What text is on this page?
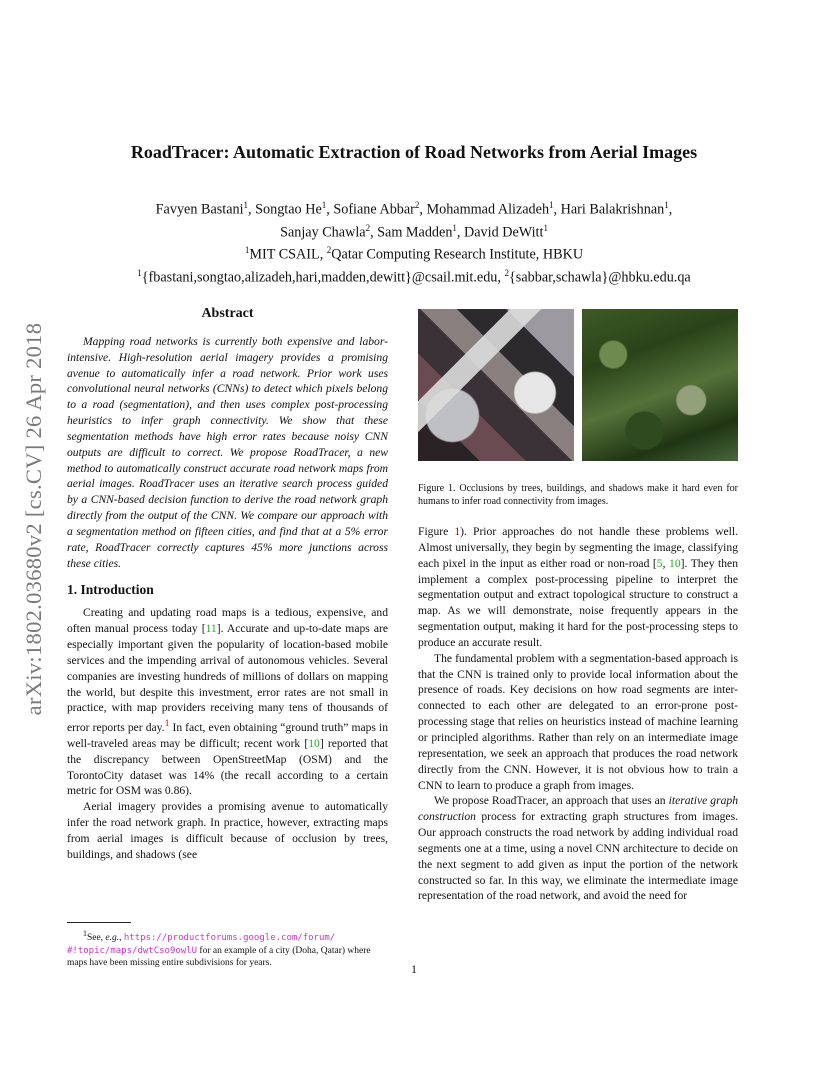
arXiv:1802.03680v2 [cs.CV] 26 Apr 2018
RoadTracer: Automatic Extraction of Road Networks from Aerial Images
Favyen Bastani$^1$, Songtao He$^1$, Sofiane Abbar$^2$, Mohammad Alizadeh$^1$, Hari Balakrishnan$^1$,
Sanjay Chawla$^2$, Sam Madden$^1$, David DeWitt$^1$
$^1$MIT CSAIL, $^2$Qatar Computing Research Institute, HBKU
$^1${fbastani,songtao,alizadeh,hari,madden,dewitt}@csail.mit.edu, $^2${sabbar,schawla}@hbku.edu.qa

Abstract

Mapping road networks is currently both expensive and labor-intensive. High-resolution aerial imagery provides a promising avenue to automatically infer a road network. Prior work uses convolutional neural networks (CNNs) to detect which pixels belong to a road (segmentation), and then uses complex post-processing heuristics to infer graph connectivity. We show that these segmentation methods have high error rates because noisy CNN outputs are difficult to correct. We propose RoadTracer, a new method to automatically construct accurate road network maps from aerial images. RoadTracer uses an iterative search process guided by a CNN-based decision function to derive the road network graph directly from the output of the CNN. We compare our approach with a segmentation method on fifteen cities, and find that at a 5% error rate, RoadTracer correctly captures 45% more junctions across these cities.

1. Introduction

Creating and updating road maps is a tedious, expensive, and often manual process today [11]. Accurate and up-to-date maps are especially important given the popularity of location-based mobile services and the impending arrival of autonomous vehicles. Several companies are investing hundreds of millions of dollars on mapping the world, but despite this investment, error rates are not small in practice, with map providers receiving many tens of thousands of error reports per day.$^1$ In fact, even obtaining “ground truth” maps in well-traveled areas may be difficult; recent work [10] reported that the discrepancy between OpenStreetMap (OSM) and the TorontoCity dataset was 14% (the recall according to a certain metric for OSM was 0.86).

Aerial imagery provides a promising avenue to automatically infer the road network graph. In practice, however, extracting maps from aerial images is difficult because of occlusion by trees, buildings, and shadows (see

Figure 1. Occlusions by trees, buildings, and shadows make it hard even for humans to infer road connectivity from images.

Figure 1). Prior approaches do not handle these problems well. Almost universally, they begin by segmenting the image, classifying each pixel in the input as either road or non-road [5, 10]. They then implement a complex post-processing pipeline to interpret the segmentation output and extract topological structure to construct a map. As we will demonstrate, noise frequently appears in the segmentation output, making it hard for the post-processing steps to produce an accurate result.

The fundamental problem with a segmentation-based approach is that the CNN is trained only to provide local information about the presence of roads. Key decisions on how road segments are inter-connected to each other are delegated to an error-prone post-processing stage that relies on heuristics instead of machine learning or principled algorithms. Rather than rely on an intermediate image representation, we seek an approach that produces the road network directly from the CNN. However, it is not obvious how to train a CNN to learn to produce a graph from images.

We propose RoadTracer, an approach that uses an iterative graph construction process for extracting graph structures from images. Our approach constructs the road network by adding individual road segments one at a time, using a novel CNN architecture to decide on the next segment to add given as input the portion of the network constructed so far. In this way, we eliminate the intermediate image representation of the road network, and avoid the need for

$^1$See, e.g., https://productforums.google.com/forum/
#!topic/maps/dwtCso9owlU for an example of a city (Doha, Qatar) where maps have been missing entire subdivisions for years.	1
